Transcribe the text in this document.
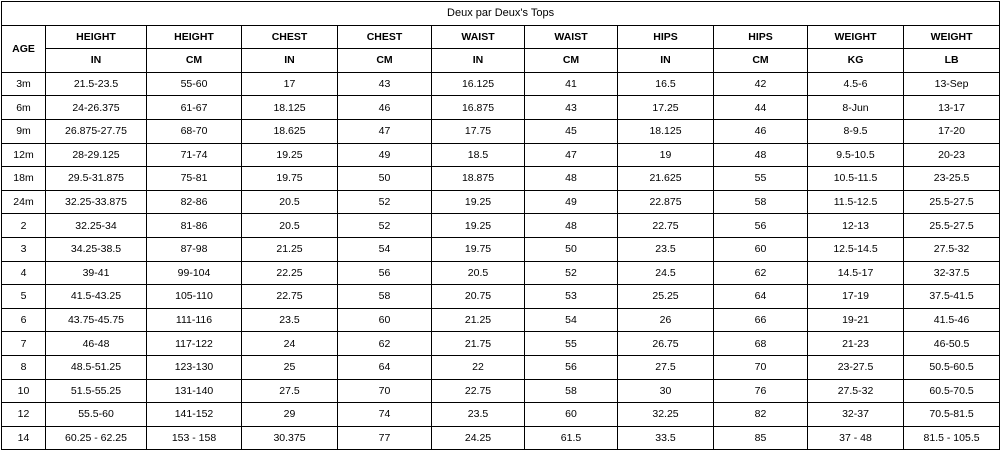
Deux par Deux's Tops										
AGE	HEIGHT	HEIGHT	CHEST	CHEST	WAIST	WAIST	HIPS	HIPS	WEIGHT	WEIGHT
	IN	CM	IN	CM	IN	CM	IN	CM	KG	LB
3m	21.5-23.5	55-60	17	43	16.125	41	16.5	42	4.5-6	13-Sep
6m	24-26.375	61-67	18.125	46	16.875	43	17.25	44	8-Jun	13-17
9m	26.875-27.75	68-70	18.625	47	17.75	45	18.125	46	8-9.5	17-20
12m	28-29.125	71-74	19.25	49	18.5	47	19	48	9.5-10.5	20-23
18m	29.5-31.875	75-81	19.75	50	18.875	48	21.625	55	10.5-11.5	23-25.5
24m	32.25-33.875	82-86	20.5	52	19.25	49	22.875	58	11.5-12.5	25.5-27.5
2	32.25-34	81-86	20.5	52	19.25	48	22.75	56	12-13	25.5-27.5
3	34.25-38.5	87-98	21.25	54	19.75	50	23.5	60	12.5-14.5	27.5-32
4	39-41	99-104	22.25	56	20.5	52	24.5	62	14.5-17	32-37.5
5	41.5-43.25	105-110	22.75	58	20.75	53	25.25	64	17-19	37.5-41.5
6	43.75-45.75	111-116	23.5	60	21.25	54	26	66	19-21	41.5-46
7	46-48	117-122	24	62	21.75	55	26.75	68	21-23	46-50.5
8	48.5-51.25	123-130	25	64	22	56	27.5	70	23-27.5	50.5-60.5
10	51.5-55.25	131-140	27.5	70	22.75	58	30	76	27.5-32	60.5-70.5
12	55.5-60	141-152	29	74	23.5	60	32.25	82	32-37	70.5-81.5
14	60.25 - 62.25	153 - 158	30.375	77	24.25	61.5	33.5	85	37 - 48	81.5 - 105.5
